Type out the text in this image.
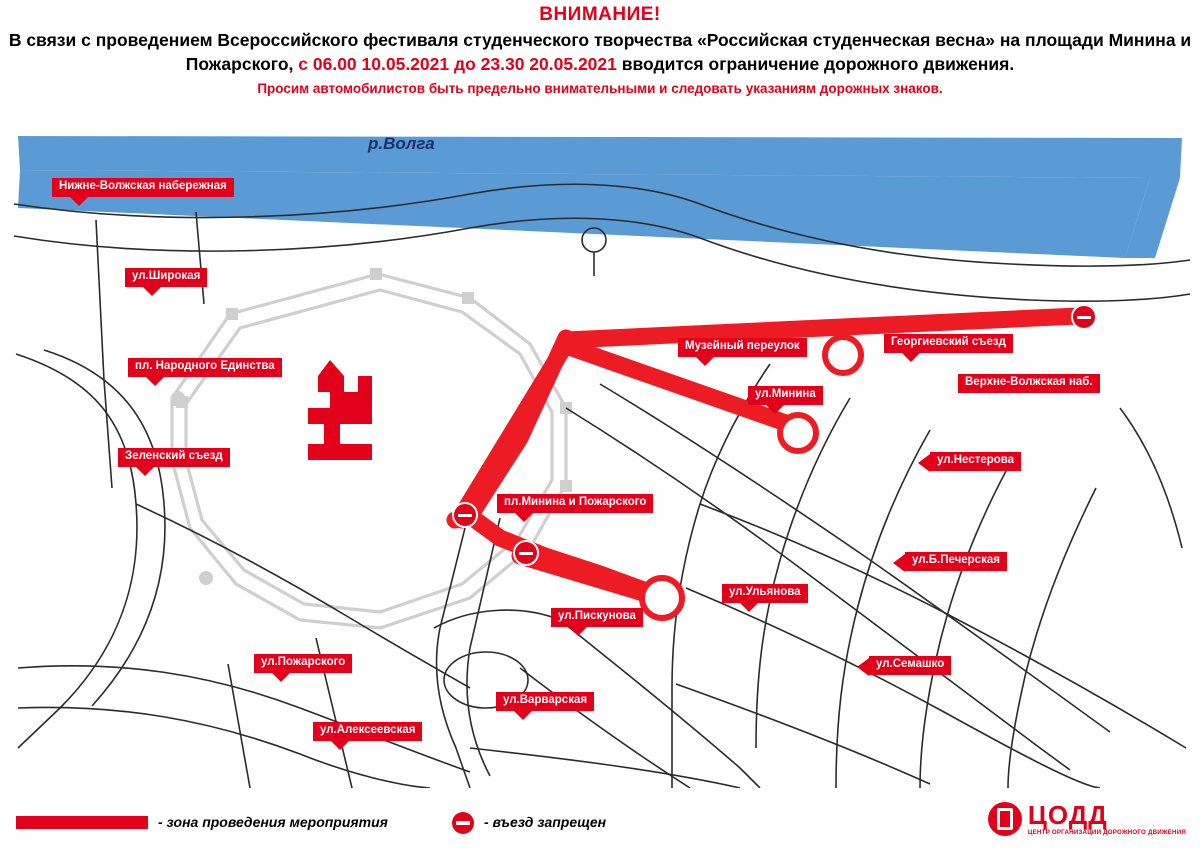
ВНИМАНИЕ!
В связи с проведением Всероссийского фестиваля студенческого творчества «Российская студенческая весна» на площади Минина и Пожарского, с 06.00 10.05.2021 до 23.30 20.05.2021 вводится ограничение дорожного движения.
Просим автомобилистов быть предельно внимательными и следовать указаниям дорожных знаков.
р.Волга
Нижне-Волжская набережная
ул.Широкая
пл. Народного Единства
Зеленский съезд
Музейный переулок
ул.Минина
Георгиевский съезд
Верхне-Волжская наб.
ул.Нестерова
пл.Минина и Пожарского
ул.Б.Печерская
ул.Ульянова
ул.Пискунова
ул.Семашко
ул.Пожарского
ул.Варварская
ул.Алексеевская
- зона проведения мероприятия	- въезд запрещен	ЦОДД
ЦЕНТР ОРГАНИЗАЦИИ ДОРОЖНОГО ДВИЖЕНИЯ
